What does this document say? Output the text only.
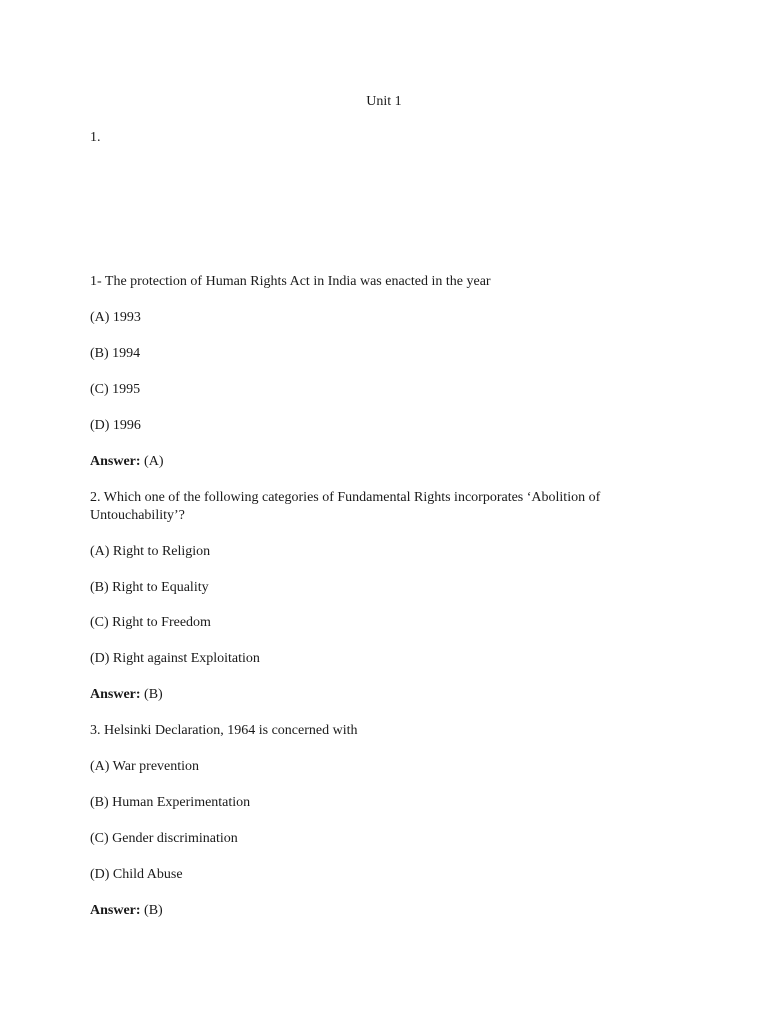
Unit 1
1.
1- The protection of Human Rights Act in India was enacted in the year
(A) 1993
(B) 1994
(C) 1995
(D) 1996
Answer: (A)
2. Which one of the following categories of Fundamental Rights incorporates ‘Abolition of Untouchability’?
(A) Right to Religion
(B) Right to Equality
(C) Right to Freedom
(D) Right against Exploitation
Answer: (B)
3. Helsinki Declaration, 1964 is concerned with
(A) War prevention
(B) Human Experimentation
(C) Gender discrimination
(D) Child Abuse
Answer: (B)
